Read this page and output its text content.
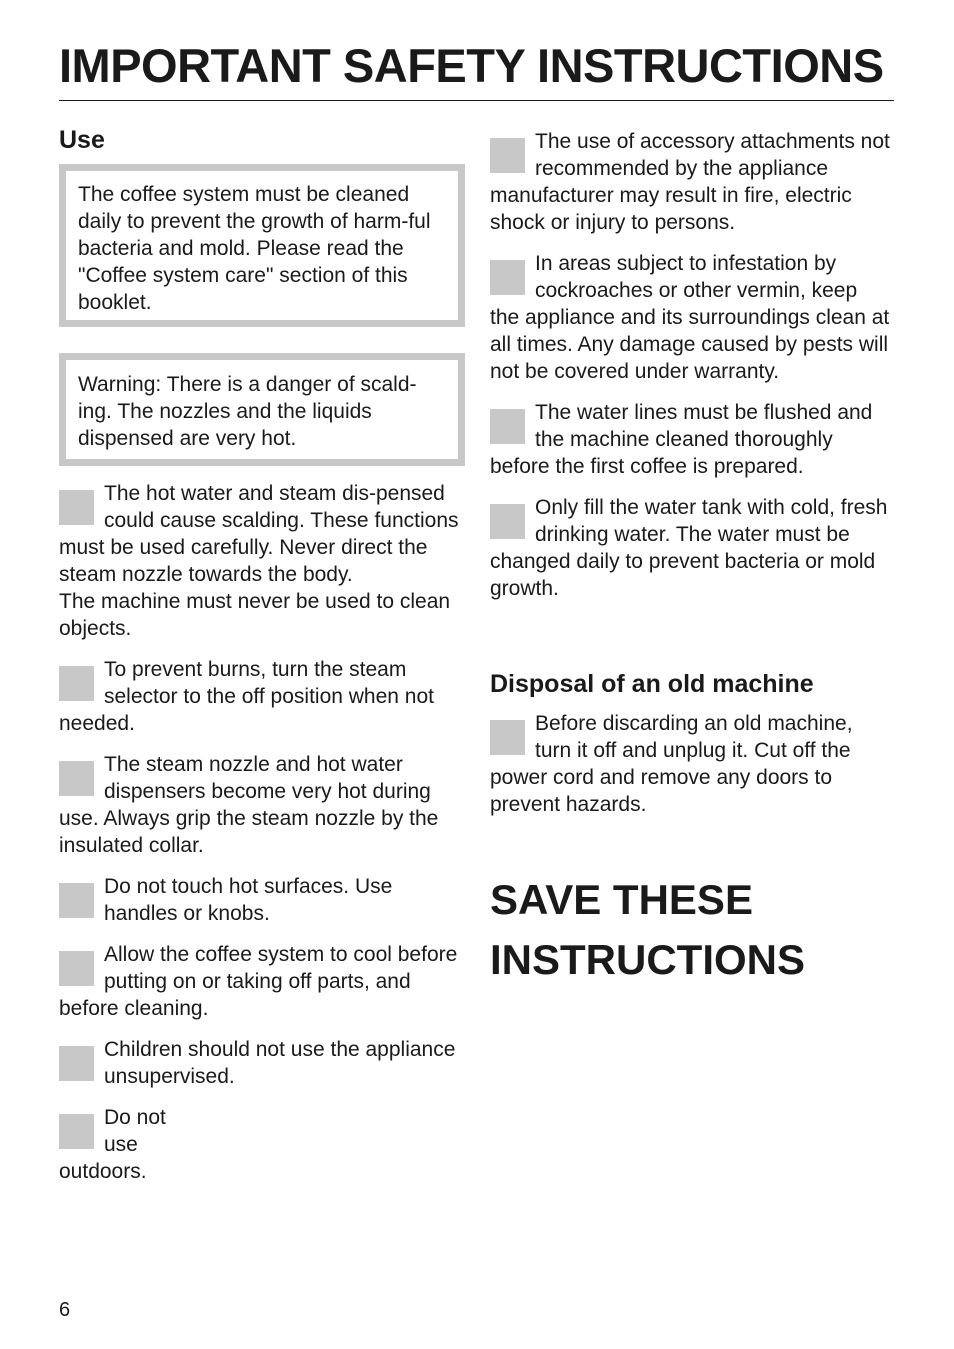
IMPORTANT SAFETY INSTRUCTIONS
Use

The coffee system must be cleaned daily to prevent the growth of harm-ful bacteria and mold. Please read the "Coffee system care" section of this booklet.

Warning: There is a danger of scald-ing. The nozzles and the liquids dispensed are very hot.

The hot water and steam dis-pensed could cause scalding. These functions must be used carefully. Never direct the steam nozzle towards the body.

The machine must never be used to clean objects.

To prevent burns, turn the steam selector to the off position when not needed.

The steam nozzle and hot water dispensers become very hot during use. Always grip the steam nozzle by the insulated collar.

Do not touch hot surfaces. Use handles or knobs.

Allow the coffee system to cool before putting on or taking off parts, and before cleaning.

Children should not use the appliance unsupervised.

Do not use outdoors.

The use of accessory attachments not recommended by the appliance manufacturer may result in fire, electric shock or injury to persons.

In areas subject to infestation by cockroaches or other vermin, keep the appliance and its surroundings clean at all times. Any damage caused by pests will not be covered under warranty.

The water lines must be flushed and the machine cleaned thoroughly before the first coffee is prepared.

Only fill the water tank with cold, fresh drinking water. The water must be changed daily to prevent bacteria or mold growth.

Disposal of an old machine

Before discarding an old machine, turn it off and unplug it. Cut off the power cord and remove any doors to prevent hazards.

SAVE THESE
INSTRUCTIONS
6
